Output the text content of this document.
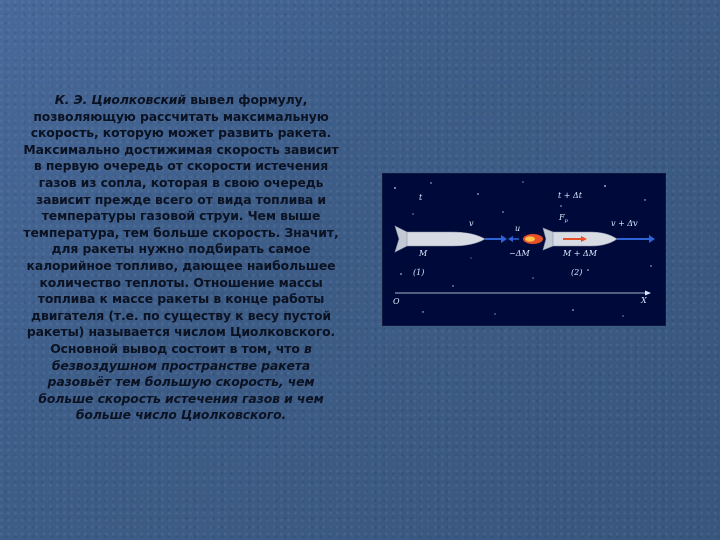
К. Э. Циолковский вывел формулу, позволяющую рассчитать максимальную скорость, которую может развить ракета. Максимально достижимая скорость зависит в первую очередь от скорости истечения газов из сопла, которая в свою очередь зависит прежде всего от вида топлива и температуры газовой струи. Чем выше температура, тем больше скорость. Значит, для ракеты нужно подбирать самое калорийное топливо, дающее наибольшее количество теплоты. Отношение массы топлива к массе ракеты в конце работы двигателя (т.е. по существу к весу пустой ракеты) называется числом Циолковского. Основной вывод состоит в том, что в безвоздушном пространстве ракета разовьёт тем большую скорость, чем больше скорость истечения газов и чем больше число Циолковского.
t	t + Δt
v
u
$F_p$	v + Δv
M	−ΔM	M + ΔM
(1)	(2)
O	X
